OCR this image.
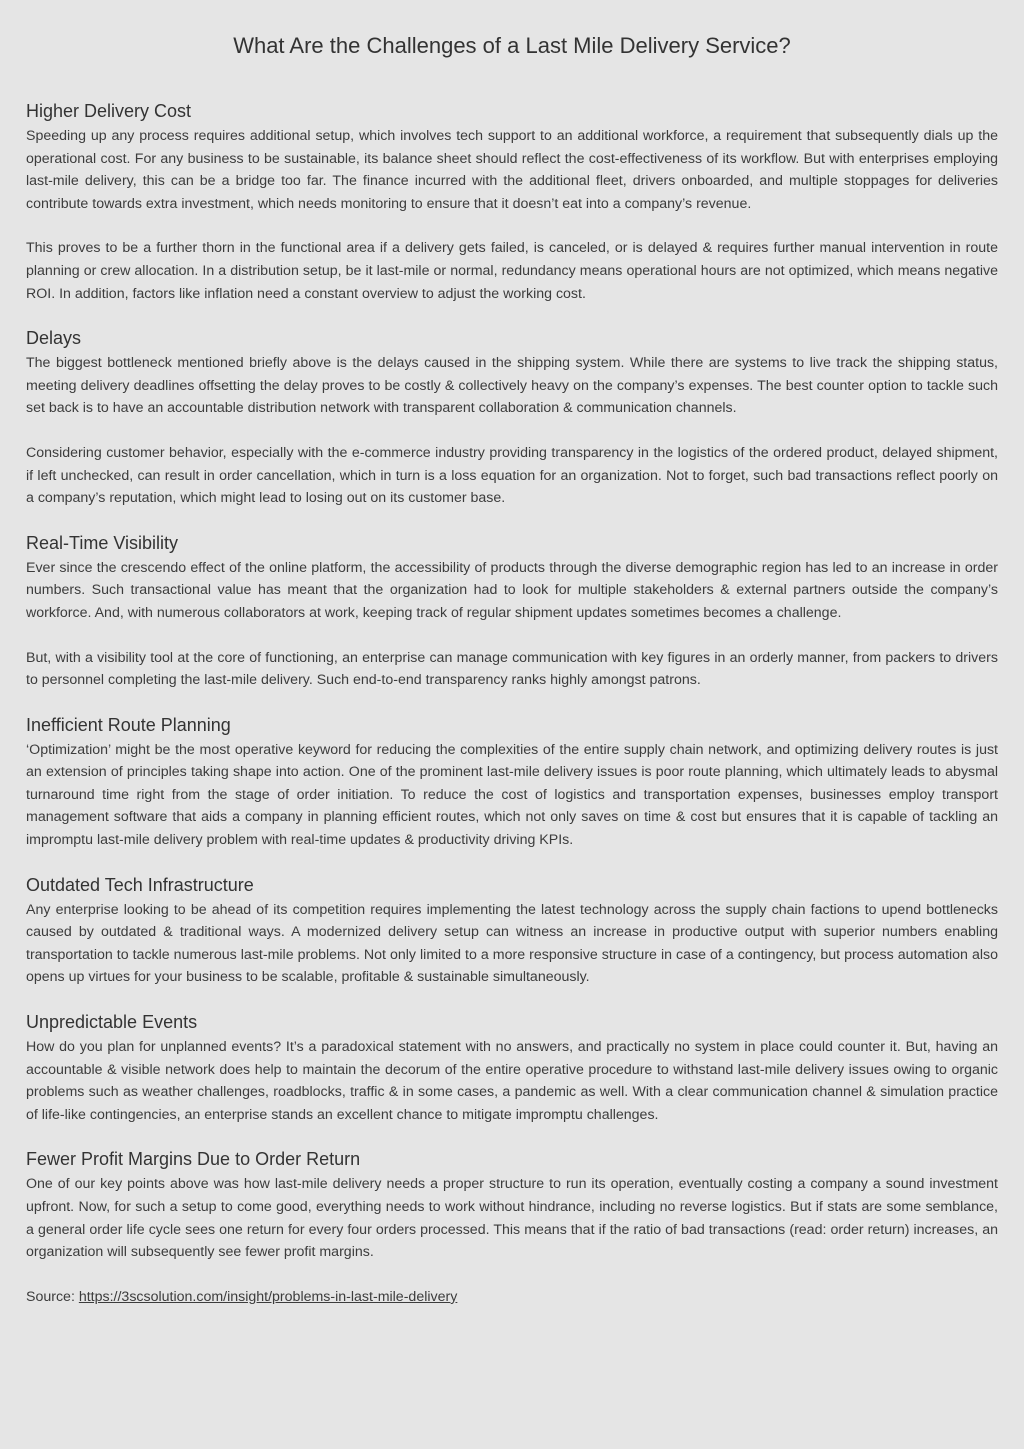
What Are the Challenges of a Last Mile Delivery Service?
Higher Delivery Cost

Speeding up any process requires additional setup, which involves tech support to an additional workforce, a requirement that subsequently dials up the operational cost. For any business to be sustainable, its balance sheet should reflect the cost-effectiveness of its workflow. But with enterprises employing last-mile delivery, this can be a bridge too far. The finance incurred with the additional fleet, drivers onboarded, and multiple stoppages for deliveries contribute towards extra investment, which needs monitoring to ensure that it doesn’t eat into a company’s revenue.

This proves to be a further thorn in the functional area if a delivery gets failed, is canceled, or is delayed & requires further manual intervention in route planning or crew allocation. In a distribution setup, be it last-mile or normal, redundancy means operational hours are not optimized, which means negative ROI. In addition, factors like inflation need a constant overview to adjust the working cost.

Delays

The biggest bottleneck mentioned briefly above is the delays caused in the shipping system. While there are systems to live track the shipping status, meeting delivery deadlines offsetting the delay proves to be costly & collectively heavy on the company’s expenses. The best counter option to tackle such set back is to have an accountable distribution network with transparent collaboration & communication channels.

Considering customer behavior, especially with the e-commerce industry providing transparency in the logistics of the ordered product, delayed shipment, if left unchecked, can result in order cancellation, which in turn is a loss equation for an organization. Not to forget, such bad transactions reflect poorly on a company’s reputation, which might lead to losing out on its customer base.

Real-Time Visibility

Ever since the crescendo effect of the online platform, the accessibility of products through the diverse demographic region has led to an increase in order numbers. Such transactional value has meant that the organization had to look for multiple stakeholders & external partners outside the company’s workforce. And, with numerous collaborators at work, keeping track of regular shipment updates sometimes becomes a challenge.

But, with a visibility tool at the core of functioning, an enterprise can manage communication with key figures in an orderly manner, from packers to drivers to personnel completing the last-mile delivery. Such end-to-end transparency ranks highly amongst patrons.

Inefficient Route Planning

‘Optimization’ might be the most operative keyword for reducing the complexities of the entire supply chain network, and optimizing delivery routes is just an extension of principles taking shape into action. One of the prominent last-mile delivery issues is poor route planning, which ultimately leads to abysmal turnaround time right from the stage of order initiation. To reduce the cost of logistics and transportation expenses, businesses employ transport management software that aids a company in planning efficient routes, which not only saves on time & cost but ensures that it is capable of tackling an impromptu last-mile delivery problem with real-time updates & productivity driving KPIs.

Outdated Tech Infrastructure

Any enterprise looking to be ahead of its competition requires implementing the latest technology across the supply chain factions to upend bottlenecks caused by outdated & traditional ways. A modernized delivery setup can witness an increase in productive output with superior numbers enabling transportation to tackle numerous last-mile problems. Not only limited to a more responsive structure in case of a contingency, but process automation also opens up virtues for your business to be scalable, profitable & sustainable simultaneously.

Unpredictable Events

How do you plan for unplanned events? It’s a paradoxical statement with no answers, and practically no system in place could counter it. But, having an accountable & visible network does help to maintain the decorum of the entire operative procedure to withstand last-mile delivery issues owing to organic problems such as weather challenges, roadblocks, traffic & in some cases, a pandemic as well. With a clear communication channel & simulation practice of life-like contingencies, an enterprise stands an excellent chance to mitigate impromptu challenges.

Fewer Profit Margins Due to Order Return

One of our key points above was how last-mile delivery needs a proper structure to run its operation, eventually costing a company a sound investment upfront. Now, for such a setup to come good, everything needs to work without hindrance, including no reverse logistics. But if stats are some semblance, a general order life cycle sees one return for every four orders processed. This means that if the ratio of bad transactions (read: order return) increases, an organization will subsequently see fewer profit margins.

Source: https://3scsolution.com/insight/problems-in-last-mile-delivery
